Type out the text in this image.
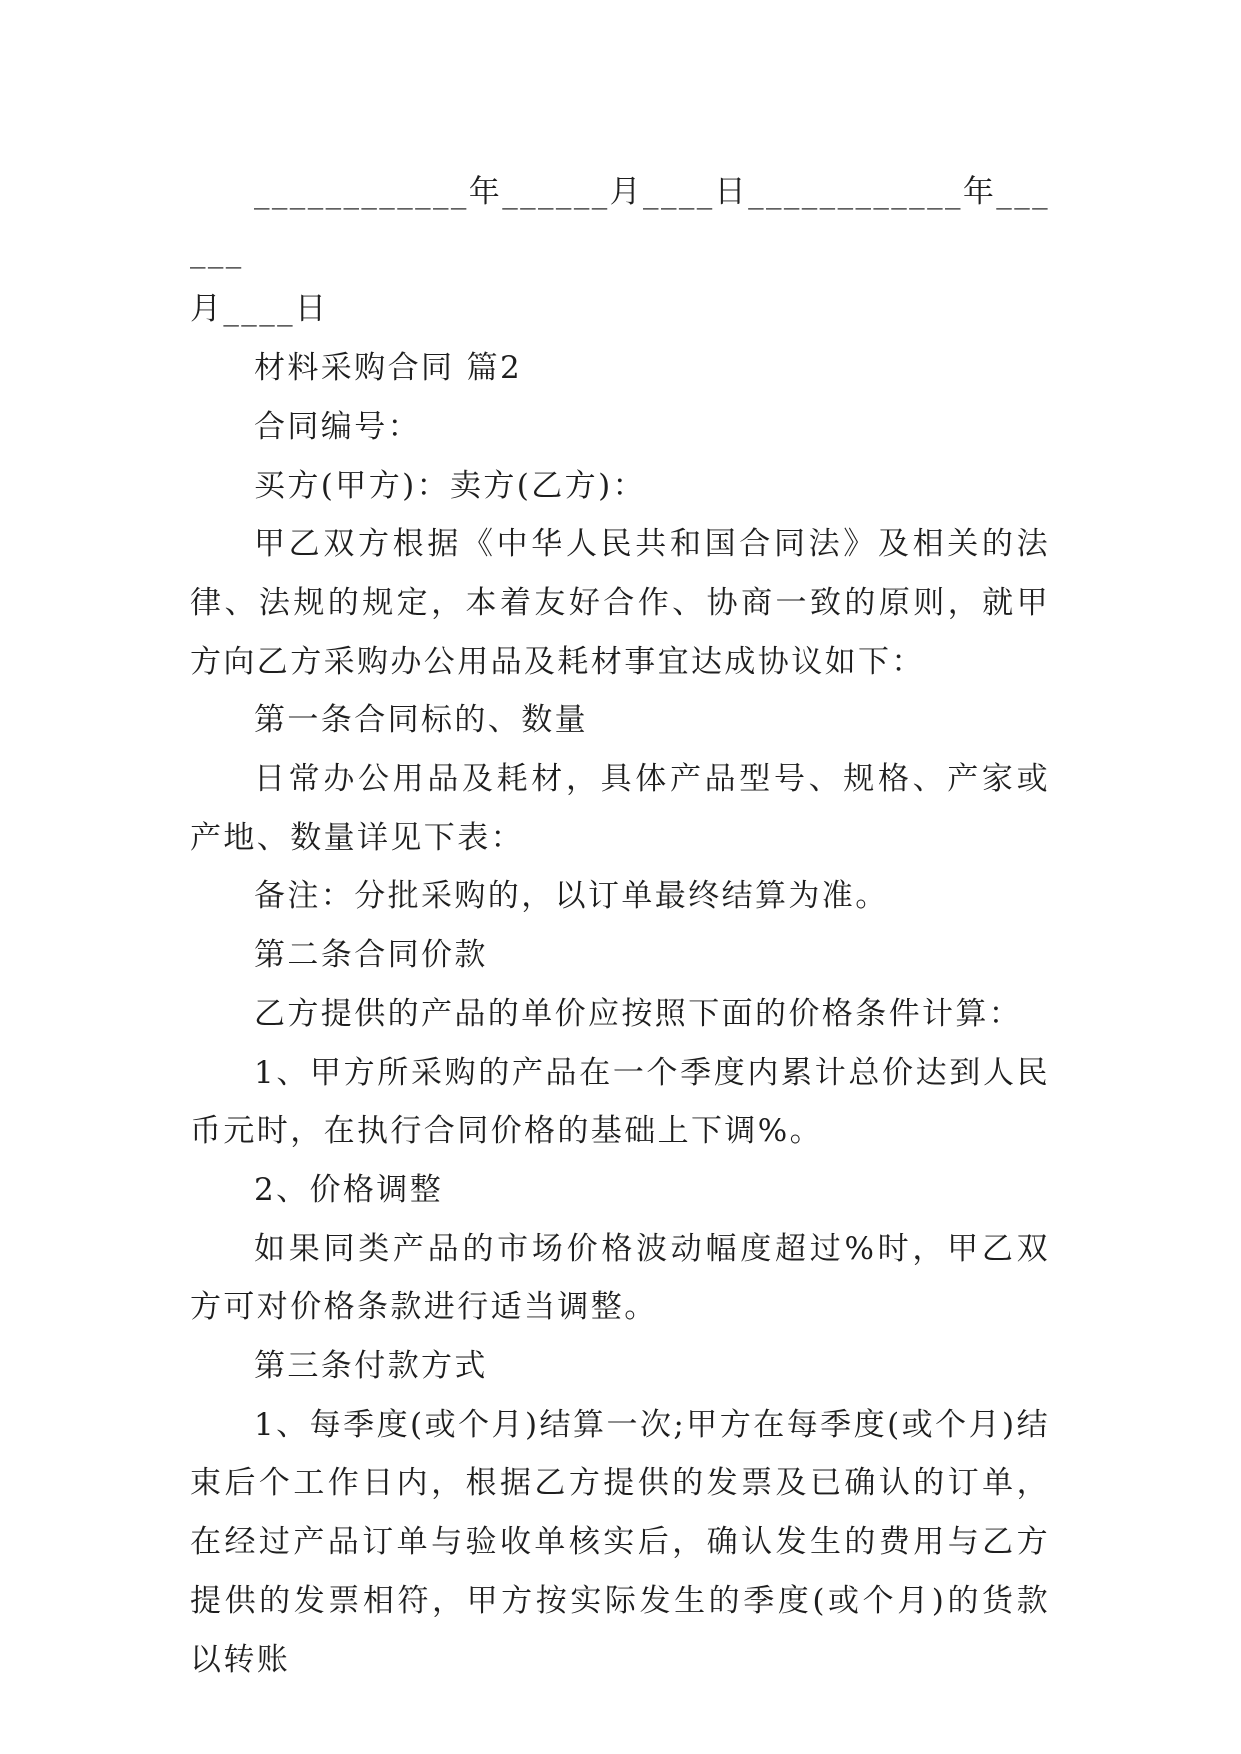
____________年______月____日____________年______

月____日

材料采购合同 篇2

合同编号：

买方(甲方)：卖方(乙方)：

甲乙双方根据《中华人民共和国合同法》及相关的法律、法规的规定，本着友好合作、协商一致的原则，就甲方向乙方采购办公用品及耗材事宜达成协议如下：

第一条合同标的、数量

日常办公用品及耗材，具体产品型号、规格、产家或产地、数量详见下表：

备注：分批采购的，以订单最终结算为准。

第二条合同价款

乙方提供的产品的单价应按照下面的价格条件计算：

1、甲方所采购的产品在一个季度内累计总价达到人民币元时，在执行合同价格的基础上下调%。

2、价格调整

如果同类产品的市场价格波动幅度超过%时，甲乙双方可对价格条款进行适当调整。

第三条付款方式

1、每季度(或个月)结算一次;甲方在每季度(或个月)结束后个工作日内，根据乙方提供的发票及已确认的订单，在经过产品订单与验收单核实后，确认发生的费用与乙方提供的发票相符，甲方按实际发生的季度(或个月)的货款以转账
